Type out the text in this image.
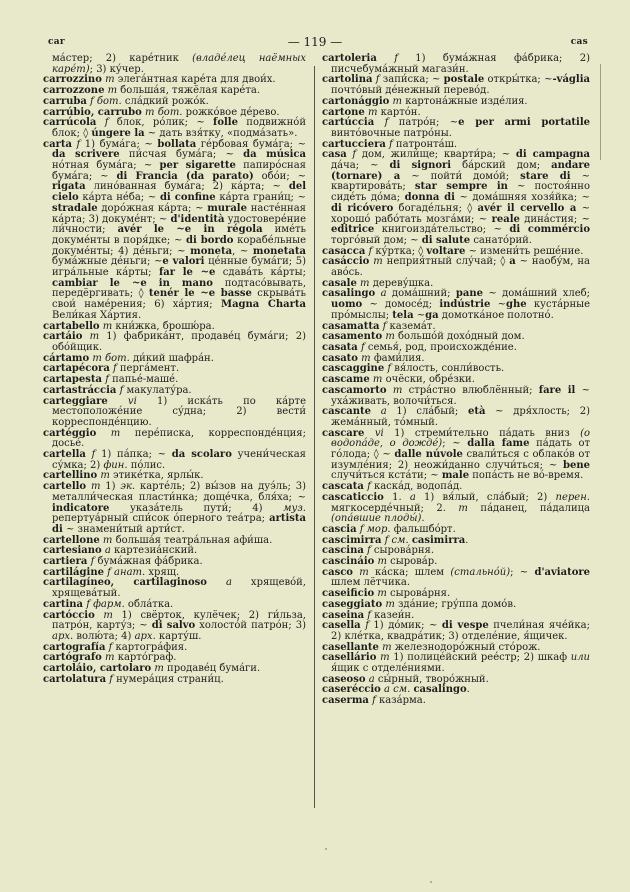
car	— 119 —	cas

ма́стер; 2) каре́тник (владе́лец наёмных каре́т); 3) ку́чер.

carrozzino m элега́нтная каре́та для двои́х.

carrozzone m больша́я, тяжёлая каре́та.

carruba f бот. сла́дкий рожо́к.

carrúbio, carrubo m бот. рожко́вое де́рево.

carrúcola f блок, ро́лик; ~ folle подвижно́й блок; ◊ úngere la ~ дать взя́тку, «подма́зать».

carta f 1) бума́га; ~ bollata ге́рбовая бума́га; ~ da scrivere пи́счая бума́га; ~ da música но́тная бума́га; ~ per sigarette папиро́сная бума́га; ~ di Francia (da parato) обо́и; ~ rigata лино́ванная бума́га; 2) ка́рта; ~ del cielo ка́рта не́ба; ~ di confine ка́рта грани́ц; ~ stradale доро́жная ка́рта; ~ murale насте́нная ка́рта; 3) докуме́нт; ~ d'identità удостовере́ние ли́чности; avér le ~e in régola име́ть докуме́нты в поря́дке; ~ di bordo корабе́льные докуме́нты; 4) де́ньги; ~ moneta, ~ monetata бума́жные де́ньги; ~e valori це́нные бума́ги; 5) игра́льные ка́рты; far le ~e сдава́ть ка́рты; cambiar le ~e in mano подтасо́вывать, передёргивать; ◊ tenér le ~e basse скрыва́ть свои́ наме́рения; 6) ха́ртия; Magna Charta Вели́кая Ха́ртия.

cartabello m кни́жка, брошю́ра.

cartáio m 1) фабрика́нт, продаве́ц бума́ги; 2) обо́йщик.

cártamo m бот. ди́кий шафра́н.

cartapécora f перга́мент.

cartapesta f папье́-маше́.

cartastráccia f макулату́ра.

carteggiare vi 1) иска́ть по ка́рте местоположе́ние су́дна; 2) вести́ корреспонде́нцию.

cartéggio m пере́писка, корреспонде́нция; досье́.

cartella f 1) па́пка; ~ da scolaro учени́ческая су́мка; 2) фин. по́лис.

cartellino m этике́тка, ярлы́к.

cartello m 1) эк. карте́ль; 2) вы́зов на дуэ́ль; 3) металли́ческая пласти́нка; доще́чка, бля́ха; ~ indicatore указа́тель пути́; 4) муз. репертуа́рный спи́сок о́перного теа́тра; artista di ~ знамени́тый арти́ст.

cartellone m больша́я театра́льная афи́ша.

cartesiano a картезиа́нский.

cartiera f бума́жная фа́брика.

cartilágine f анат. хрящ.

cartilagíneo, cartilaginoso a хрящево́й, хрящева́тый.

cartina f фарм. обла́тка.

cartóccio m 1) свёрток, кулёчек; 2) ги́льза, патро́н, карту́з; ~ di salvo холосто́й патро́н; 3) арх. волю́та; 4) арх. карту́ш.

cartografía f картогра́фия.

cartógrafo m карто́граф.

cartoláio, cartolaro m продаве́ц бума́ги.

cartolatura f нумера́ция страни́ц.

cartoleria f 1) бума́жная фа́брика; 2) писчебума́жный магази́н.

cartolina f запи́ска; ~ postale откры́тка; ~-váglia почто́вый де́нежный перево́д.

cartonággio m картона́жные изде́лия.

cartone m карто́н.

cartúccia f патро́н; ~e per armi portatile винто́вочные патро́ны.

cartucciera f патронта́ш.

casa f дом, жили́ще; кварти́ра; ~ di campagna да́ча; ~ di signori ба́рский дом; andare (tornare) a ~ пойти́ домо́й; stare di ~ квартирова́ть; star sempre in ~ постоя́нно сиде́ть до́ма; donna di ~ дома́шняя хозя́йка; ~ di ricóvero богаде́льня; ◊ avér il cervello a ~ хорошо́ рабо́тать мозга́ми; ~ reale дина́стия; ~ editrice книгоизда́тельство; ~ di commércio торго́вый дом; ~ di salute санато́рий.

casacca f ку́ртка; ◊ voltare ~ измени́ть реше́ние.

casáccio m неприя́тный слу́чай; ◊ a ~ наобу́м, на аво́сь.

casale m дереву́шка.

casalingo a дома́шний; pane ~ дома́шний хлеб; uomo ~ домосе́д; indústrie ~ghe куста́рные про́мыслы; tela ~ga домотка́ное полотно́.

casamatta f казема́т.

casamento m большо́й дохо́дный дом.

casata f семья́, род, происхожде́ние.

casato m фами́лия.

cascaggine f вя́лость, сонли́вость.

cascame m очёски, обре́зки.

cascamorto m стра́стно влюблённый; fare il ~ уха́живать, волочи́ться.

cascante a 1) сла́бый; età ~ дря́хлость; 2) жема́нный, то́мный.

cascare vi 1) стреми́тельно па́дать вниз (о водопа́де, о дожде́); ~ dalla fame па́дать от го́лода; ◊ ~ dalle núvole свали́ться с облако́в от изумле́ния; 2) неожи́данно случи́ться; ~ bene случи́ться кста́ти; ~ male попа́сть не во́-время.

cascata f каска́д, водопа́д.

cascaticcio 1. a 1) вя́лый, сла́бый; 2) перен. мягкосерде́чный; 2. m па́данец, па́далица (опа́вшие плоды́).

cascia f мор. фальшбо́рт.

cascimirra f см. casimirra.

cascina f сырова́рня.

cascináio m сырова́р.

casco m ка́ска; шлем (стально́й); ~ d'aviatore шлем лётчика.

caseificio m сырова́рня.

caseggiato m зда́ние; гру́ппа домо́в.

caseina f казеи́н.

casella f 1) до́мик; ~ di vespe пчели́ная яче́йка; 2) кле́тка, квадра́тик; 3) отделе́ние, я́щичек.

casellante m железнодоро́жный сто́рож.

casellário m 1) полице́йский рее́стр; 2) шкаф или я́щик с отделе́ниями.

caseoso a сы́рный, творо́жный.

caseréccio a см. casalingo.

caserma f каза́рма.
